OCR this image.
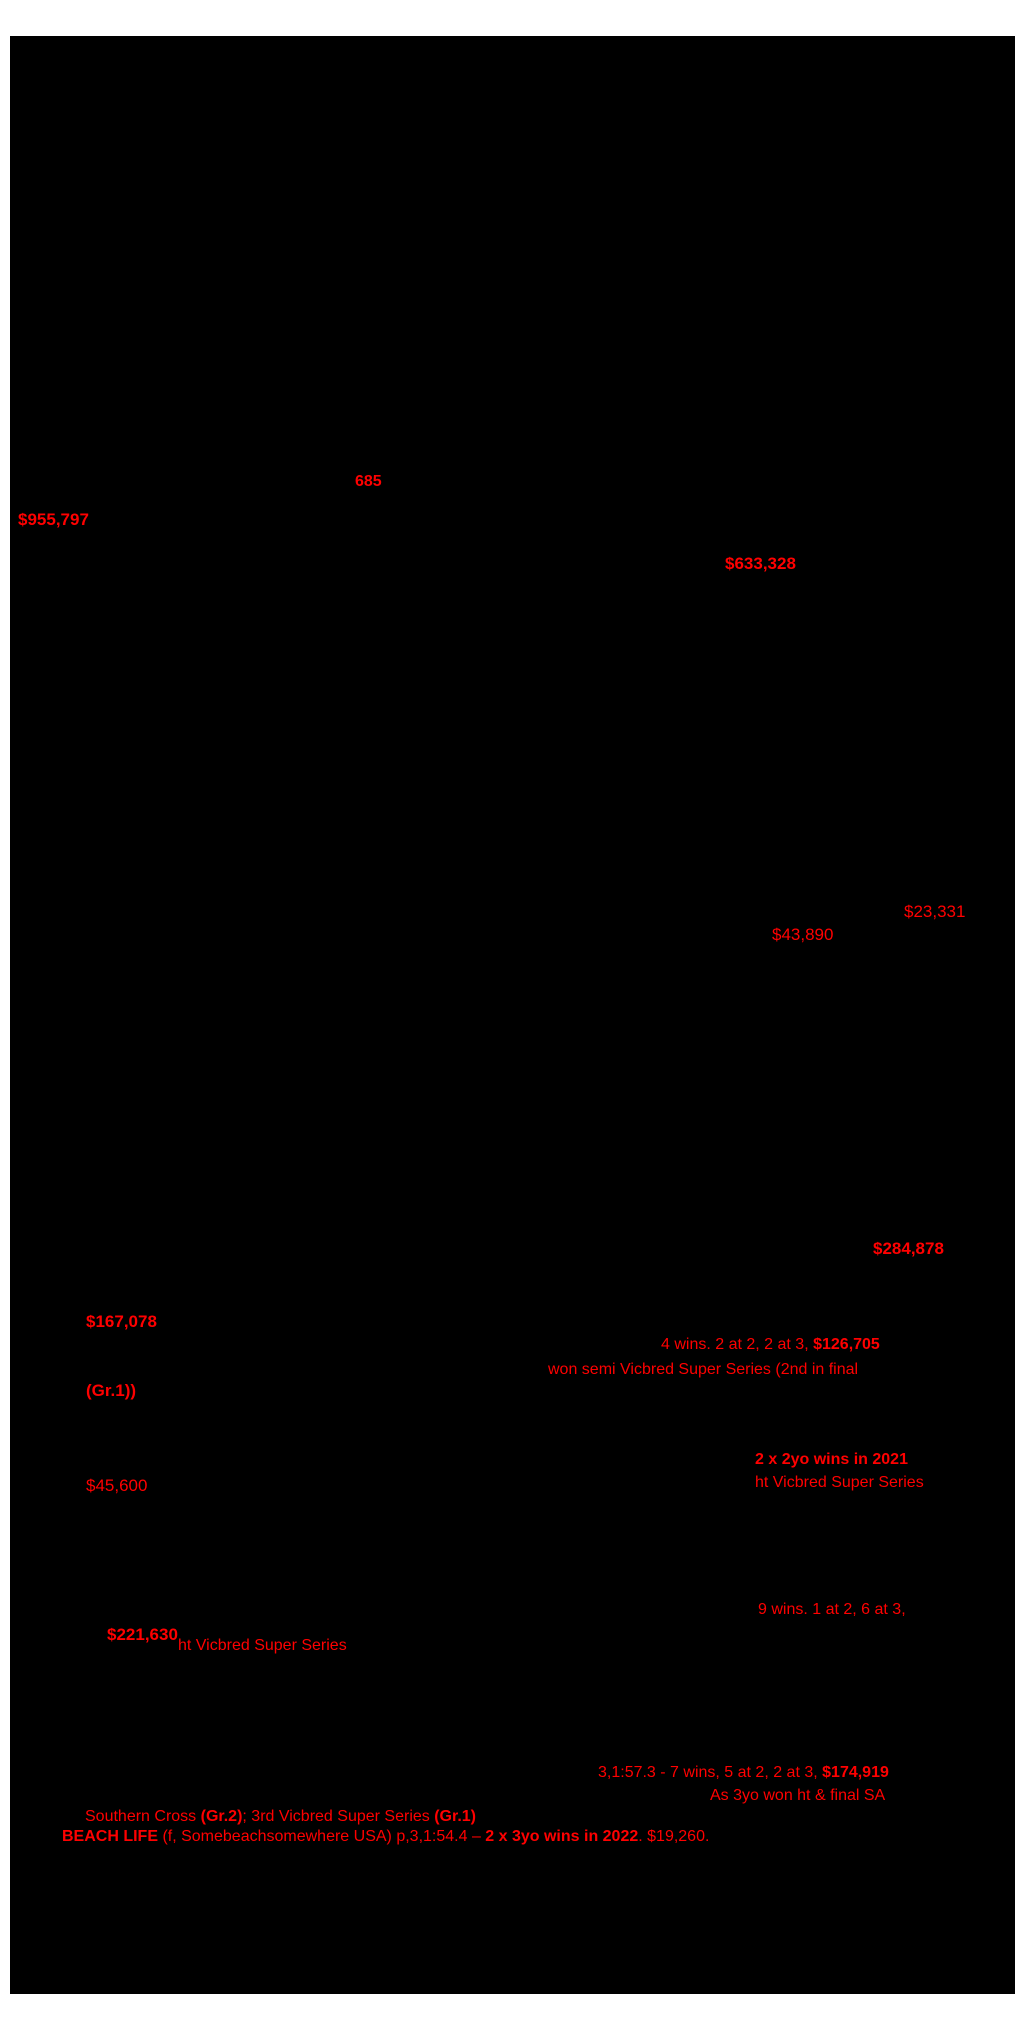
685
$955,797
$633,328
$23,331
$43,890
$284,878
$167,078
4 wins. 2 at 2, 2 at 3, $126,705
won semi Vicbred Super Series (2nd in final
(Gr.1))
2 x 2yo wins in 2021
$45,600	ht Vicbred Super Series
9 wins. 1 at 2, 6 at 3,
$221,630
ht Vicbred Super Series
3,1:57.3 - 7 wins, 5 at 2, 2 at 3, $174,919
As 3yo won ht & final SA
Southern Cross (Gr.2); 3rd Vicbred Super Series (Gr.1)
BEACH LIFE (f, Somebeachsomewhere USA) p,3,1:54.4 – 2 x 3yo wins in 2022. $19,260.
